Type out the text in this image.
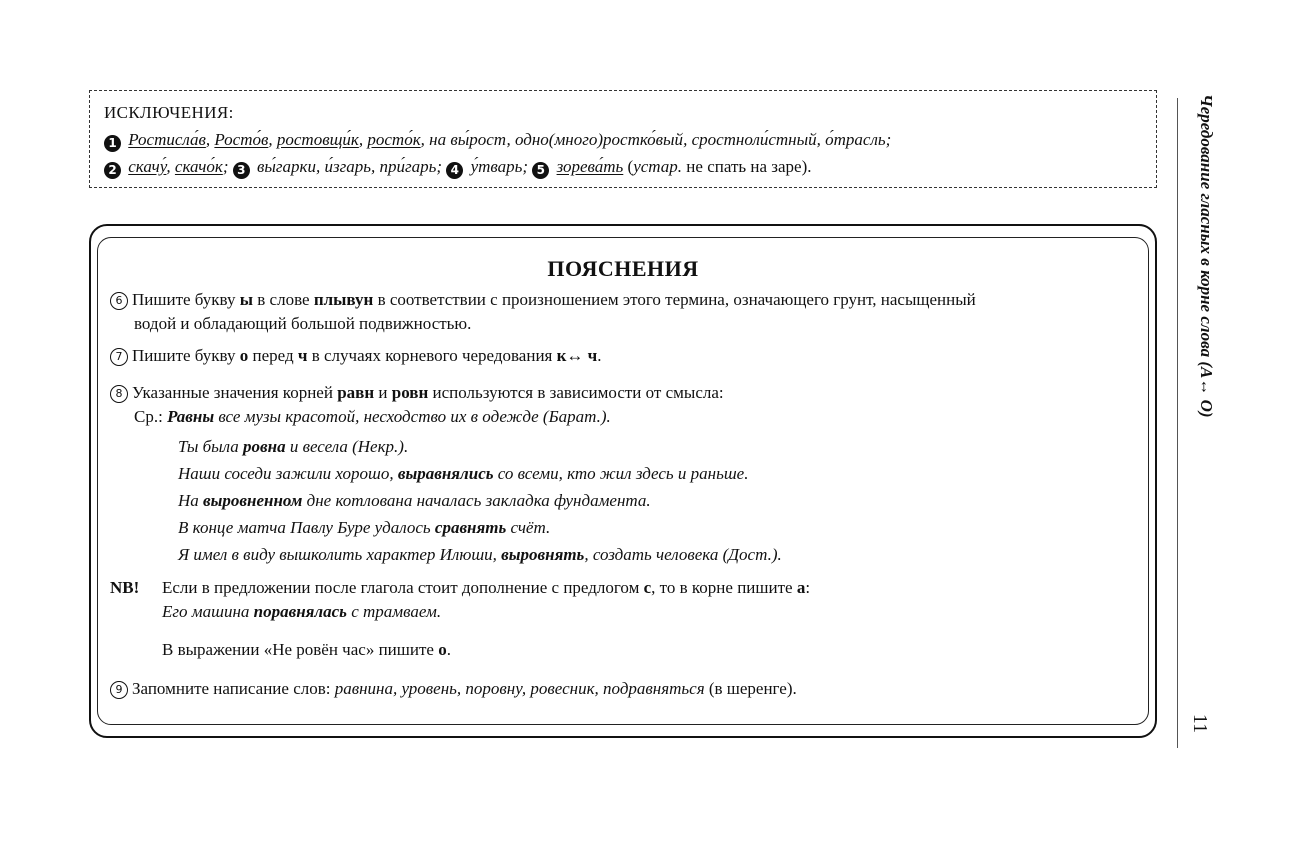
ИСКЛЮЧЕНИЯ:
1 Ростисла́в, Росто́в, ростовщи́к, росто́к, на вы́рост, одно(много)ростко́вый, сростноли́стный, о́трасль;
2 скачу́, скачо́к; 3 вы́гарки, и́згарь, при́гарь; 4 у́тварь; 5 зорева́ть (устар. не спать на заре).
ПОЯСНЕНИЯ
6 Пишите букву ы в слове плывун в соответствии с произношением этого термина, означающего грунт, насыщенный
водой и обладающий большой подвижностью.
7 Пишите букву о перед ч в случаях корневого чередования к↔ ч.
8 Указанные значения корней равн и ровн используются в зависимости от смысла:
Ср.: Равны все музы красотой, несходство их в одежде (Барат.).
Ты была ровна и весела (Некр.).
Наши соседи зажили хорошо, выравнялись со всеми, кто жил здесь и раньше.
На выровненном дне котлована началась закладка фундамента.
В конце матча Павлу Буре удалось сравнять счёт.
Я имел в виду вышколить характер Илюши, выровнять, создать человека (Дост.).
NB! Если в предложении после глагола стоит дополнение с предлогом с, то в корне пишите а:
Его машина поравнялась с трамваем.
В выражении «Не ровён час» пишите о.
9 Запомните написание слов: равнина, уровень, поровну, ровесник, подравняться (в шеренге).
Чередование гласных в корне слова (А↔ О)
11
